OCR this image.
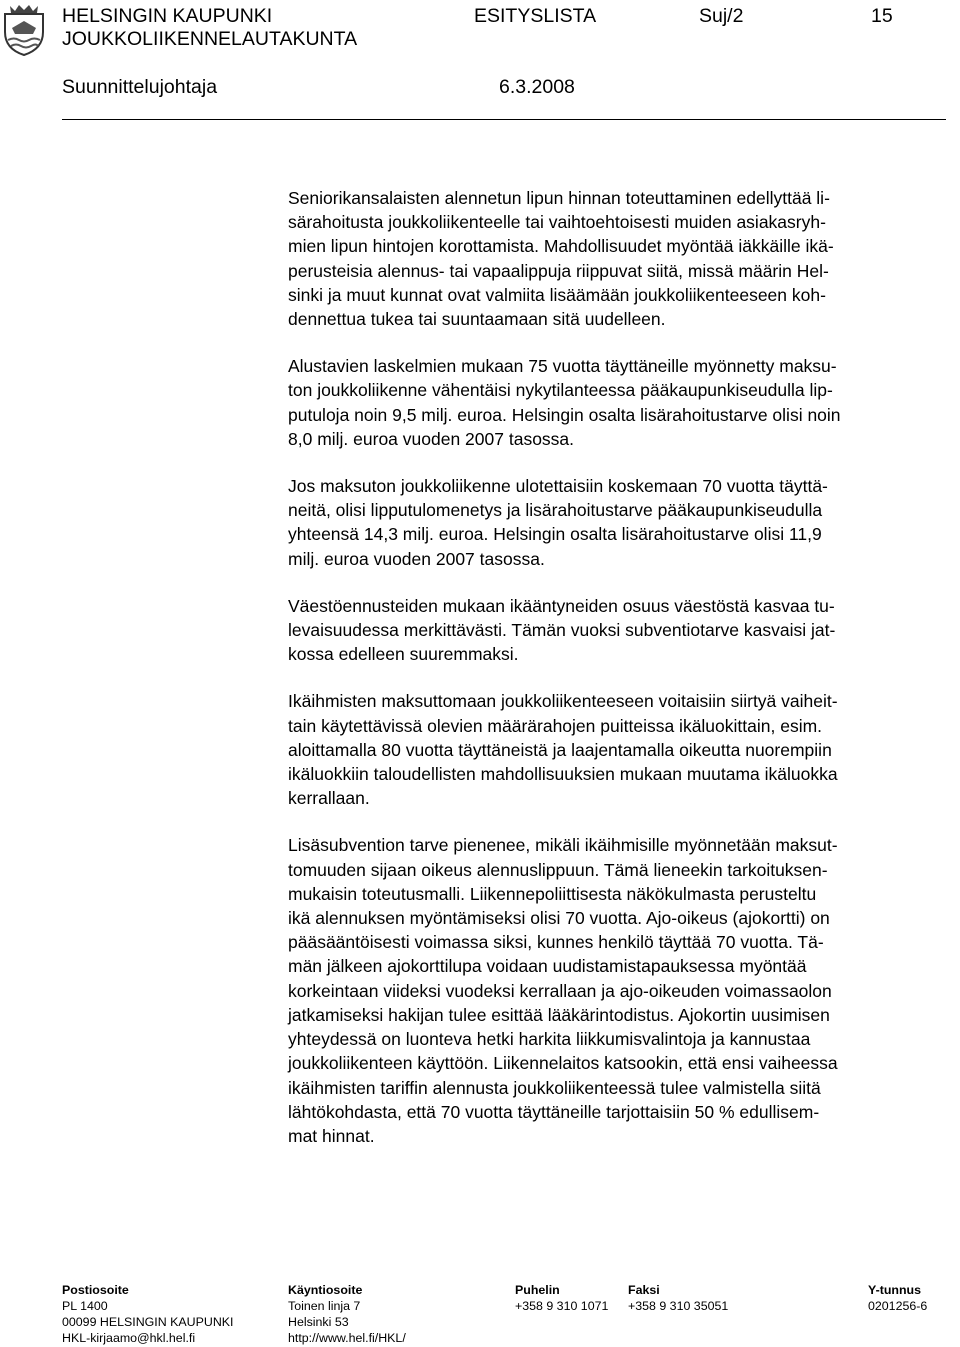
HELSINGIN KAUPUNKI
JOUKKOLIIKENNELAUTAKUNTA
ESITYSLISTA	Suj/2	15
Suunnittelujohtaja	6.3.2008

Seniorikansalaisten alennetun lipun hinnan toteuttaminen edellyttää li-
särahoitusta joukkoliikenteelle tai vaihtoehtoisesti muiden asiakasryh-
mien lipun hintojen korottamista. Mahdollisuudet myöntää iäkkäille ikä-
perusteisia alennus- tai vapaalippuja riippuvat siitä, missä määrin Hel-
sinki ja muut kunnat ovat valmiita lisäämään joukkoliikenteeseen koh-
dennettua tukea tai suuntaamaan sitä uudelleen.

Alustavien laskelmien mukaan 75 vuotta täyttäneille myönnetty maksu-
ton joukkoliikenne vähentäisi nykytilanteessa pääkaupunkiseudulla lip-
putuloja noin 9,5 milj. euroa. Helsingin osalta lisärahoitustarve olisi noin
8,0 milj. euroa vuoden 2007 tasossa.

Jos maksuton joukkoliikenne ulotettaisiin koskemaan 70 vuotta täyttä-
neitä, olisi lipputulomenetys ja lisärahoitustarve pääkaupunkiseudulla
yhteensä 14,3 milj. euroa. Helsingin osalta lisärahoitustarve olisi 11,9
milj. euroa vuoden 2007 tasossa.

Väestöennusteiden mukaan ikääntyneiden osuus väestöstä kasvaa tu-
levaisuudessa merkittävästi. Tämän vuoksi subventiotarve kasvaisi jat-
kossa edelleen suuremmaksi.

Ikäihmisten maksuttomaan joukkoliikenteeseen voitaisiin siirtyä vaiheit-
tain käytettävissä olevien määrärahojen puitteissa ikäluokittain, esim.
aloittamalla 80 vuotta täyttäneistä ja laajentamalla oikeutta nuorempiin
ikäluokkiin taloudellisten mahdollisuuksien mukaan muutama ikäluokka
kerrallaan.

Lisäsubvention tarve pienenee, mikäli ikäihmisille myönnetään maksut-
tomuuden sijaan oikeus alennuslippuun. Tämä lieneekin tarkoituksen-
mukaisin toteutusmalli. Liikennepoliittisesta näkökulmasta perusteltu
ikä alennuksen myöntämiseksi olisi 70 vuotta. Ajo-oikeus (ajokortti) on
pääsääntöisesti voimassa siksi, kunnes henkilö täyttää 70 vuotta. Tä-
män jälkeen ajokorttilupa voidaan uudistamistapauksessa myöntää
korkeintaan viideksi vuodeksi kerrallaan ja ajo-oikeuden voimassaolon
jatkamiseksi hakijan tulee esittää lääkärintodistus. Ajokortin uusimisen
yhteydessä on luonteva hetki harkita liikkumisvalintoja ja kannustaa
joukkoliikenteen käyttöön. Liikennelaitos katsookin, että ensi vaiheessa
ikäihmisten tariffin alennusta joukkoliikenteessä tulee valmistella siitä
lähtökohdasta, että 70 vuotta täyttäneille tarjottaisiin 50 % edullisem-
mat hinnat.

Postiosoite
PL 1400
00099 HELSINGIN KAUPUNKI
HKL-kirjaamo@hkl.hel.fi
Käyntiosoite
Toinen linja 7
Helsinki 53
http://www.hel.fi/HKL/
Puhelin
+358 9 310 1071
Faksi
+358 9 310 35051
Y-tunnus
0201256-6
